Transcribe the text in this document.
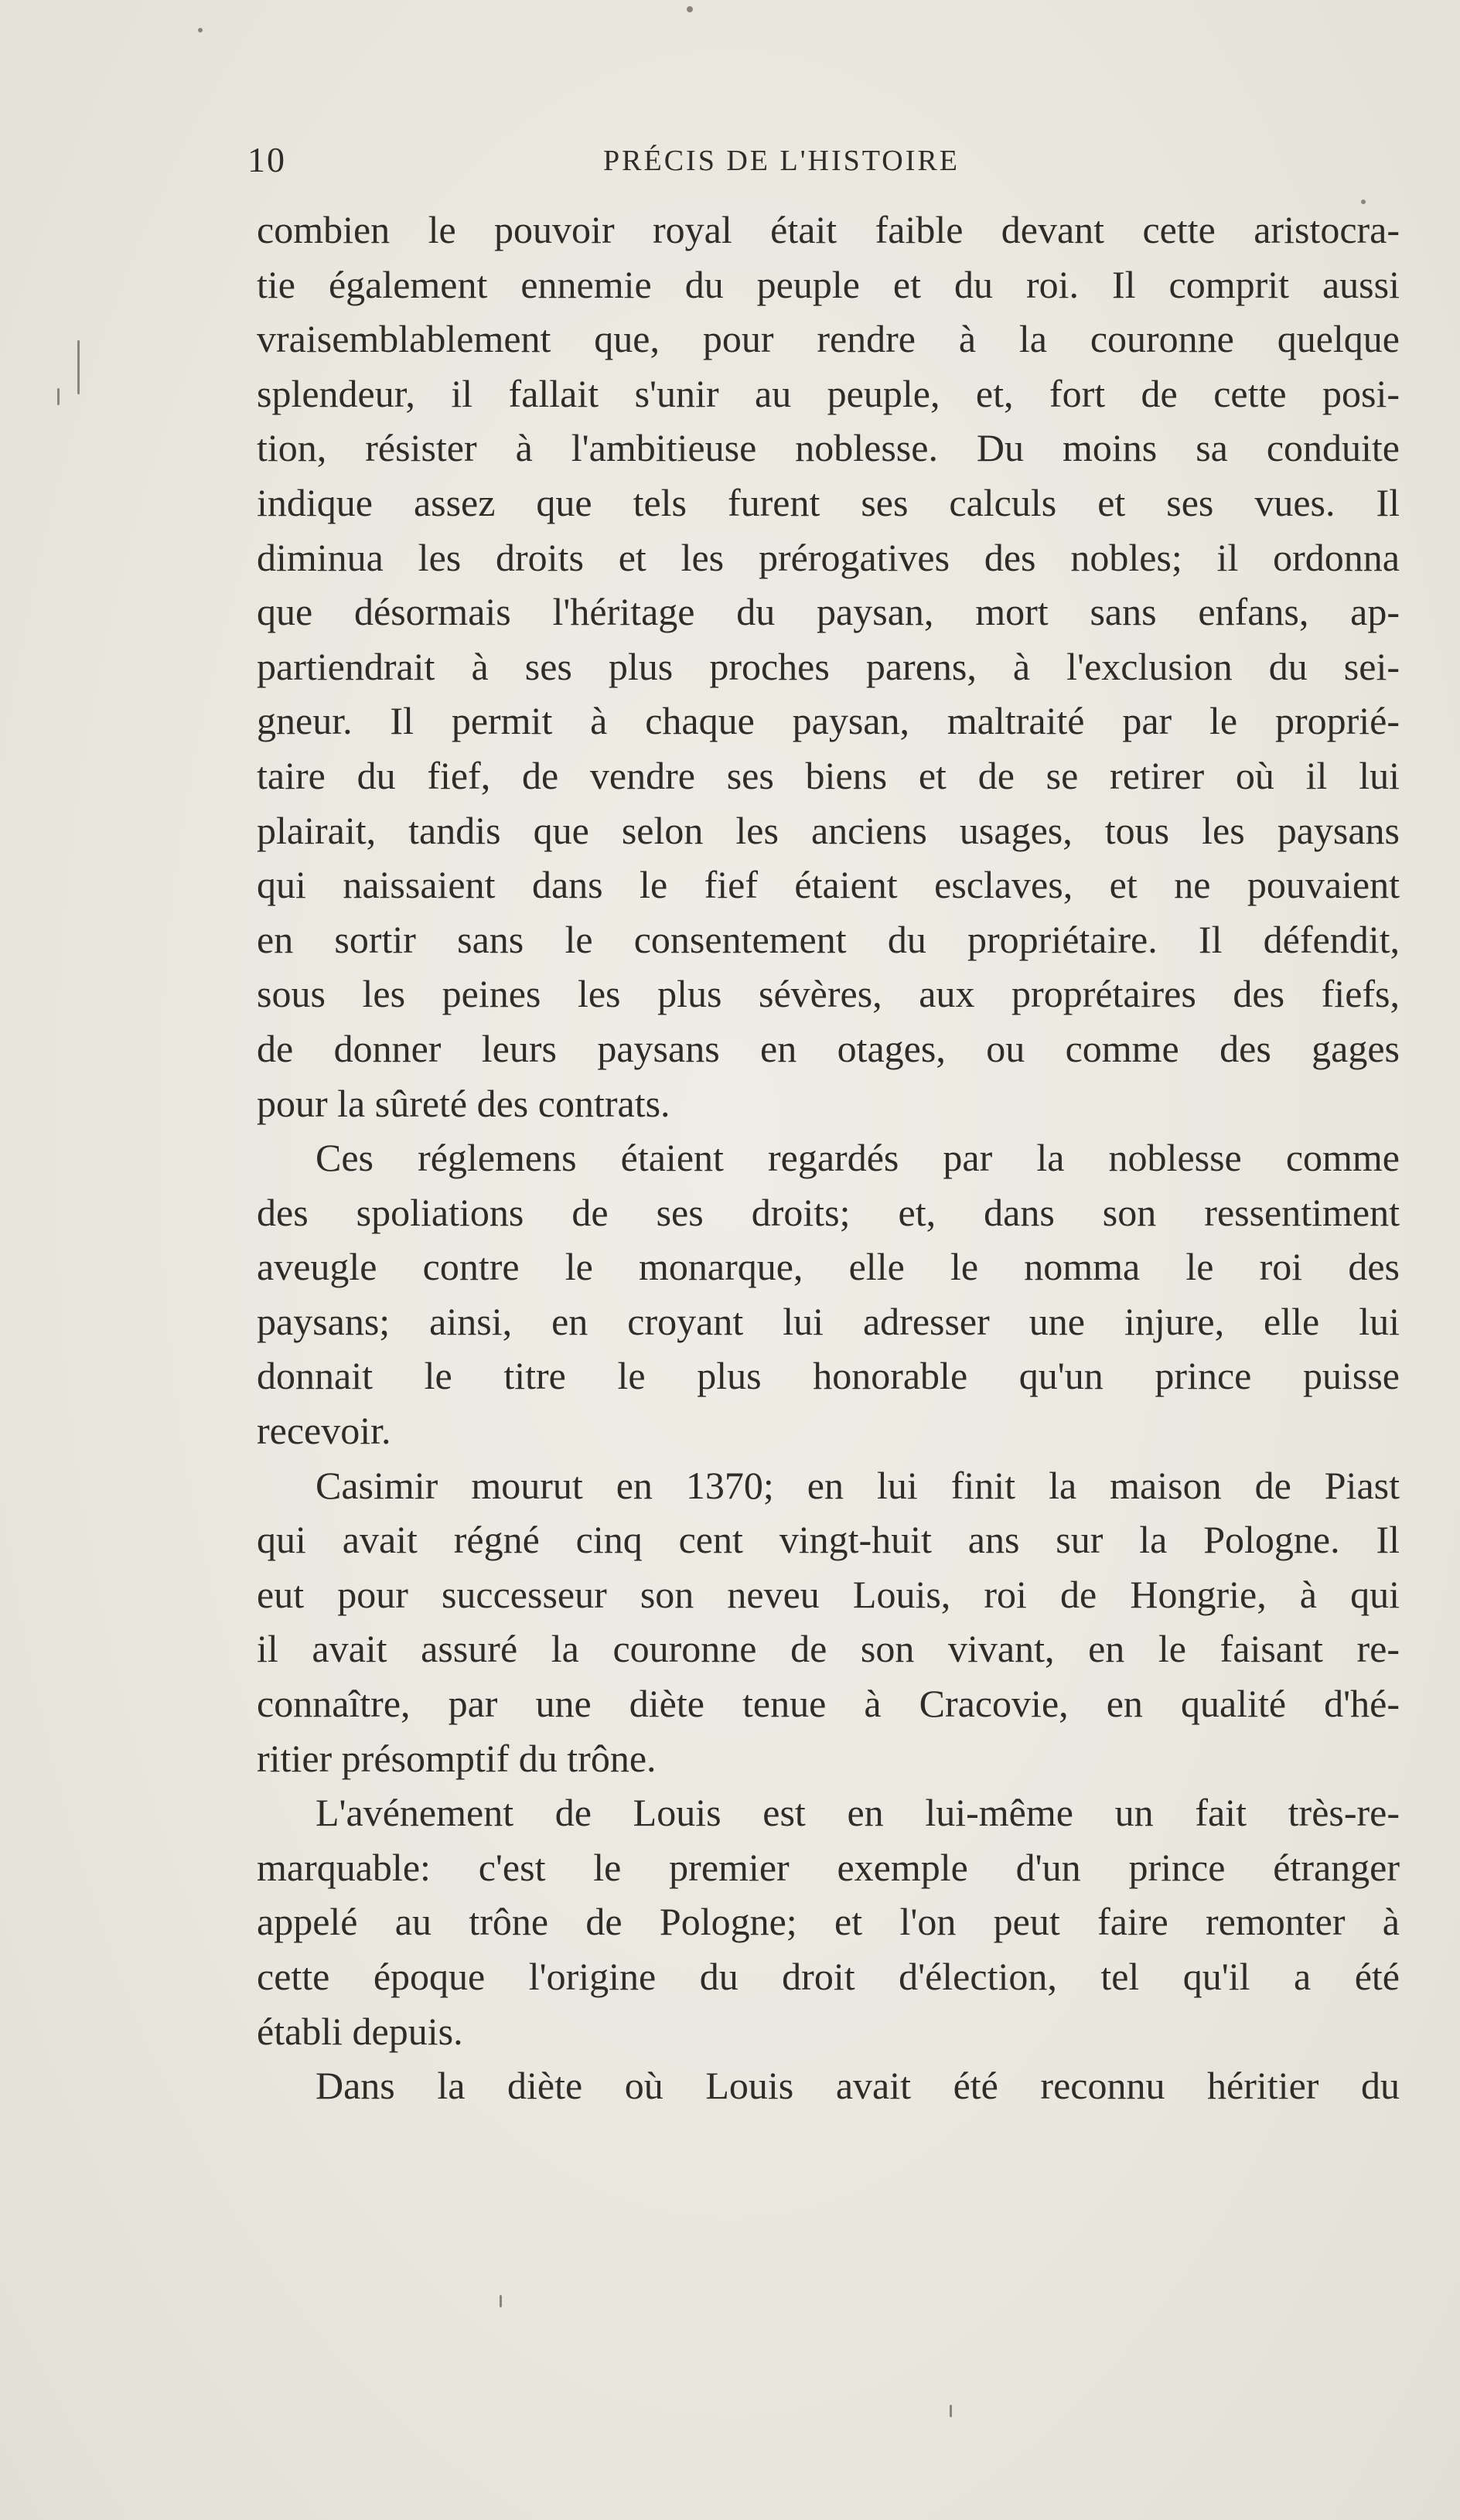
10	PRÉCIS DE L'HISTOIRE
combien le pouvoir royal était faible devant cette aristocra-
tie également ennemie du peuple et du roi. Il comprit aussi
vraisemblablement que, pour rendre à la couronne quelque
splendeur, il fallait s'unir au peuple, et, fort de cette posi-
tion, résister à l'ambitieuse noblesse. Du moins sa conduite
indique assez que tels furent ses calculs et ses vues. Il
diminua les droits et les prérogatives des nobles; il ordonna
que désormais l'héritage du paysan, mort sans enfans, ap-
partiendrait à ses plus proches parens, à l'exclusion du sei-
gneur. Il permit à chaque paysan, maltraité par le proprié-
taire du fief, de vendre ses biens et de se retirer où il lui
plairait, tandis que selon les anciens usages, tous les paysans
qui naissaient dans le fief étaient esclaves, et ne pouvaient
en sortir sans le consentement du propriétaire. Il défendit,
sous les peines les plus sévères, aux proprétaires des fiefs,
de donner leurs paysans en otages, ou comme des gages
pour la sûreté des contrats.
Ces réglemens étaient regardés par la noblesse comme
des spoliations de ses droits; et, dans son ressentiment
aveugle contre le monarque, elle le nomma le roi des
paysans; ainsi, en croyant lui adresser une injure, elle lui
donnait le titre le plus honorable qu'un prince puisse
recevoir.
Casimir mourut en 1370; en lui finit la maison de Piast
qui avait régné cinq cent vingt-huit ans sur la Pologne. Il
eut pour successeur son neveu Louis, roi de Hongrie, à qui
il avait assuré la couronne de son vivant, en le faisant re-
connaître, par une diète tenue à Cracovie, en qualité d'hé-
ritier présomptif du trône.
L'avénement de Louis est en lui-même un fait très-re-
marquable: c'est le premier exemple d'un prince étranger
appelé au trône de Pologne; et l'on peut faire remonter à
cette époque l'origine du droit d'élection, tel qu'il a été
établi depuis.
Dans la diète où Louis avait été reconnu héritier du
